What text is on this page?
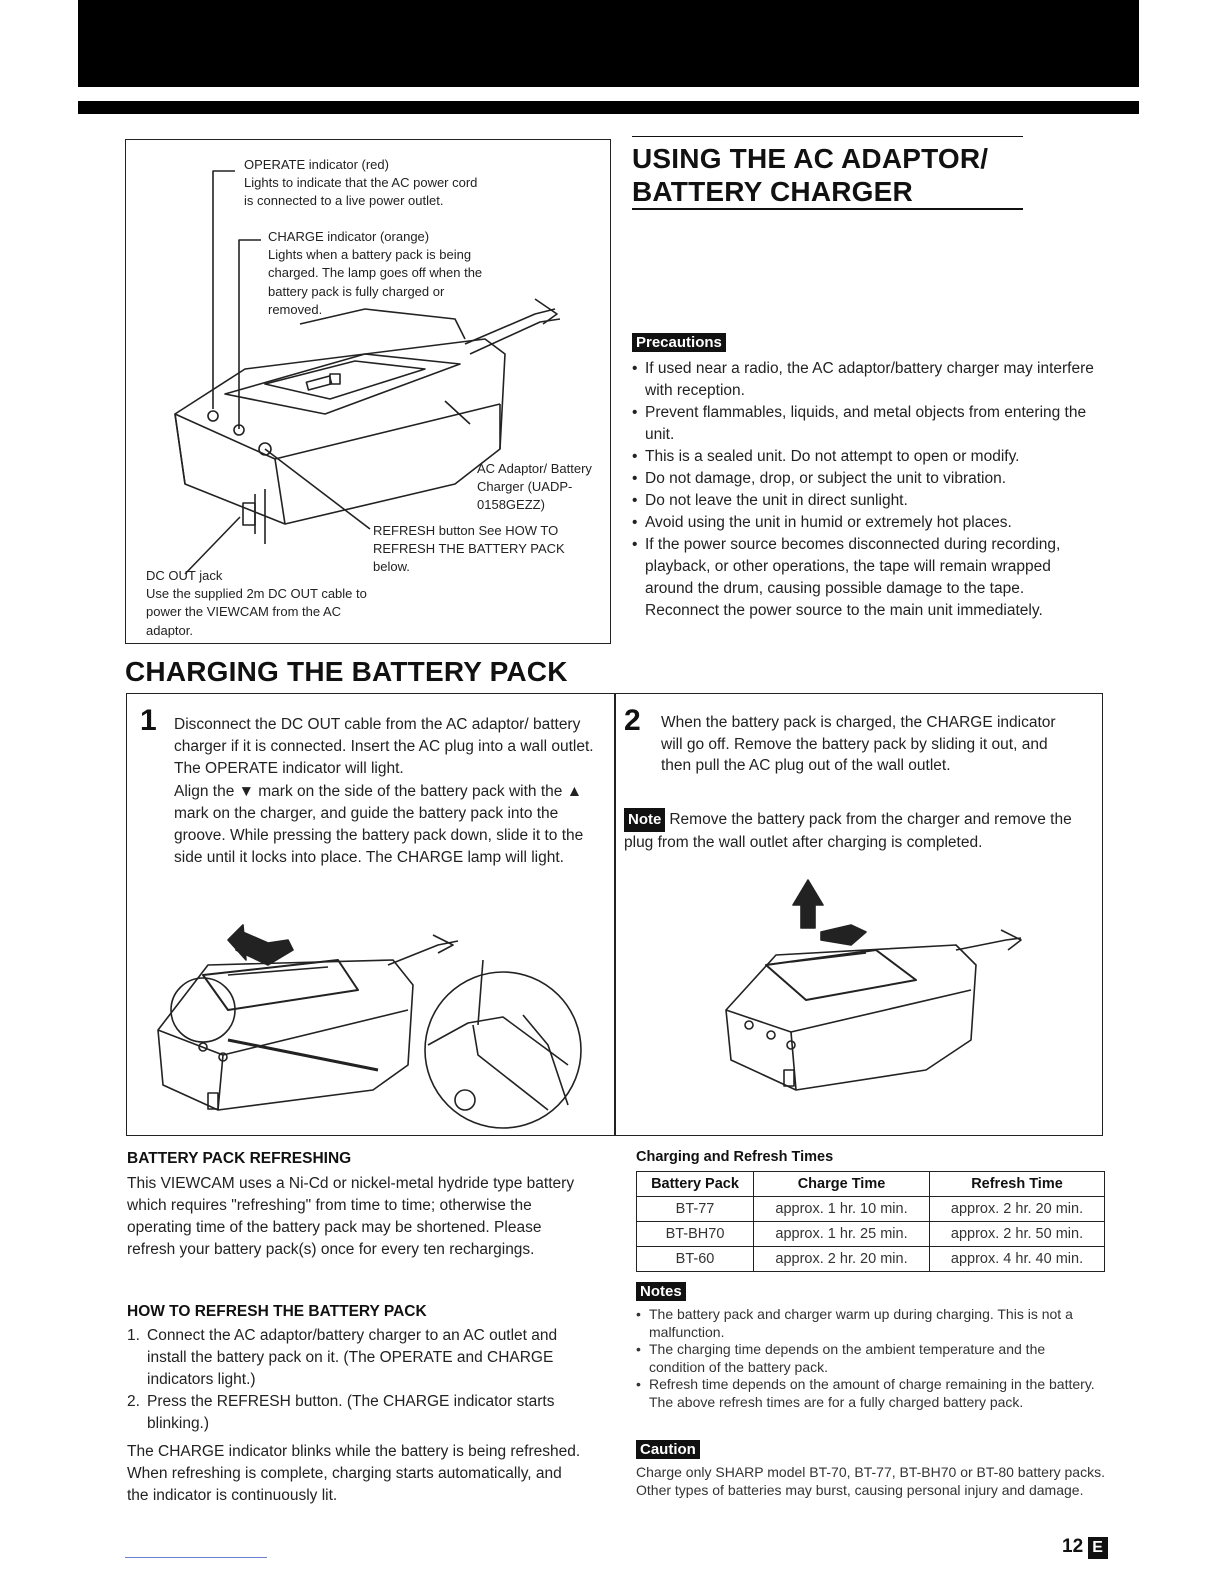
OPERATE indicator (red)
Lights to indicate that the AC power cord is connected to a live power outlet.
CHARGE indicator (orange)
Lights when a battery pack is being charged. The lamp goes off when the battery pack is fully charged or removed.
AC Adaptor/ Battery Charger (UADP-0158GEZZ)
REFRESH button See HOW TO REFRESH THE BATTERY PACK below.
DC OUT jack
Use the supplied 2m DC OUT cable to power the VIEWCAM from the AC adaptor.
USING THE AC ADAPTOR/ BATTERY CHARGER
Precautions
• If used near a radio, the AC adaptor/battery charger may interfere with reception.
• Prevent flammables, liquids, and metal objects from entering the unit.
• This is a sealed unit. Do not attempt to open or modify.
• Do not damage, drop, or subject the unit to vibration.
• Do not leave the unit in direct sunlight.
• Avoid using the unit in humid or extremely hot places.
• If the power source becomes disconnected during recording, playback, or other operations, the tape will remain wrapped around the drum, causing possible damage to the tape. Reconnect the power source to the main unit immediately.
CHARGING THE BATTERY PACK
1 Disconnect the DC OUT cable from the AC adaptor/ battery charger if it is connected. Insert the AC plug into a wall outlet.
The OPERATE indicator will light.
Align the ▼ mark on the side of the battery pack with the ▲ mark on the charger, and guide the battery pack into the groove. While pressing the battery pack down, slide it to the side until it locks into place. The CHARGE lamp will light.
2 When the battery pack is charged, the CHARGE indicator will go off. Remove the battery pack by sliding it out, and then pull the AC plug out of the wall outlet.
Note Remove the battery pack from the charger and remove the plug from the wall outlet after charging is completed.
BATTERY PACK REFRESHING
This VIEWCAM uses a Ni-Cd or nickel-metal hydride type battery which requires "refreshing" from time to time; otherwise the operating time of the battery pack may be shortened. Please refresh your battery pack(s) once for every ten rechargings.
HOW TO REFRESH THE BATTERY PACK
1. Connect the AC adaptor/battery charger to an AC outlet and install the battery pack on it. (The OPERATE and CHARGE indicators light.)
2. Press the REFRESH button. (The CHARGE indicator starts blinking.)
The CHARGE indicator blinks while the battery is being refreshed. When refreshing is complete, charging starts automatically, and the indicator is continuously lit.
Charging and Refresh Times
Battery Pack	Charge Time	Refresh Time
BT-77	approx. 1 hr. 10 min.	approx. 2 hr. 20 min.
BT-BH70	approx. 1 hr. 25 min.	approx. 2 hr. 50 min.
BT-60	approx. 2 hr. 20 min.	approx. 4 hr. 40 min.
Notes
• The battery pack and charger warm up during charging. This is not a malfunction.
• The charging time depends on the ambient temperature and the condition of the battery pack.
• Refresh time depends on the amount of charge remaining in the battery. The above refresh times are for a fully charged battery pack.
Caution
Charge only SHARP model BT-70, BT-77, BT-BH70 or BT-80 battery packs. Other types of batteries may burst, causing personal injury and damage.
12 E
